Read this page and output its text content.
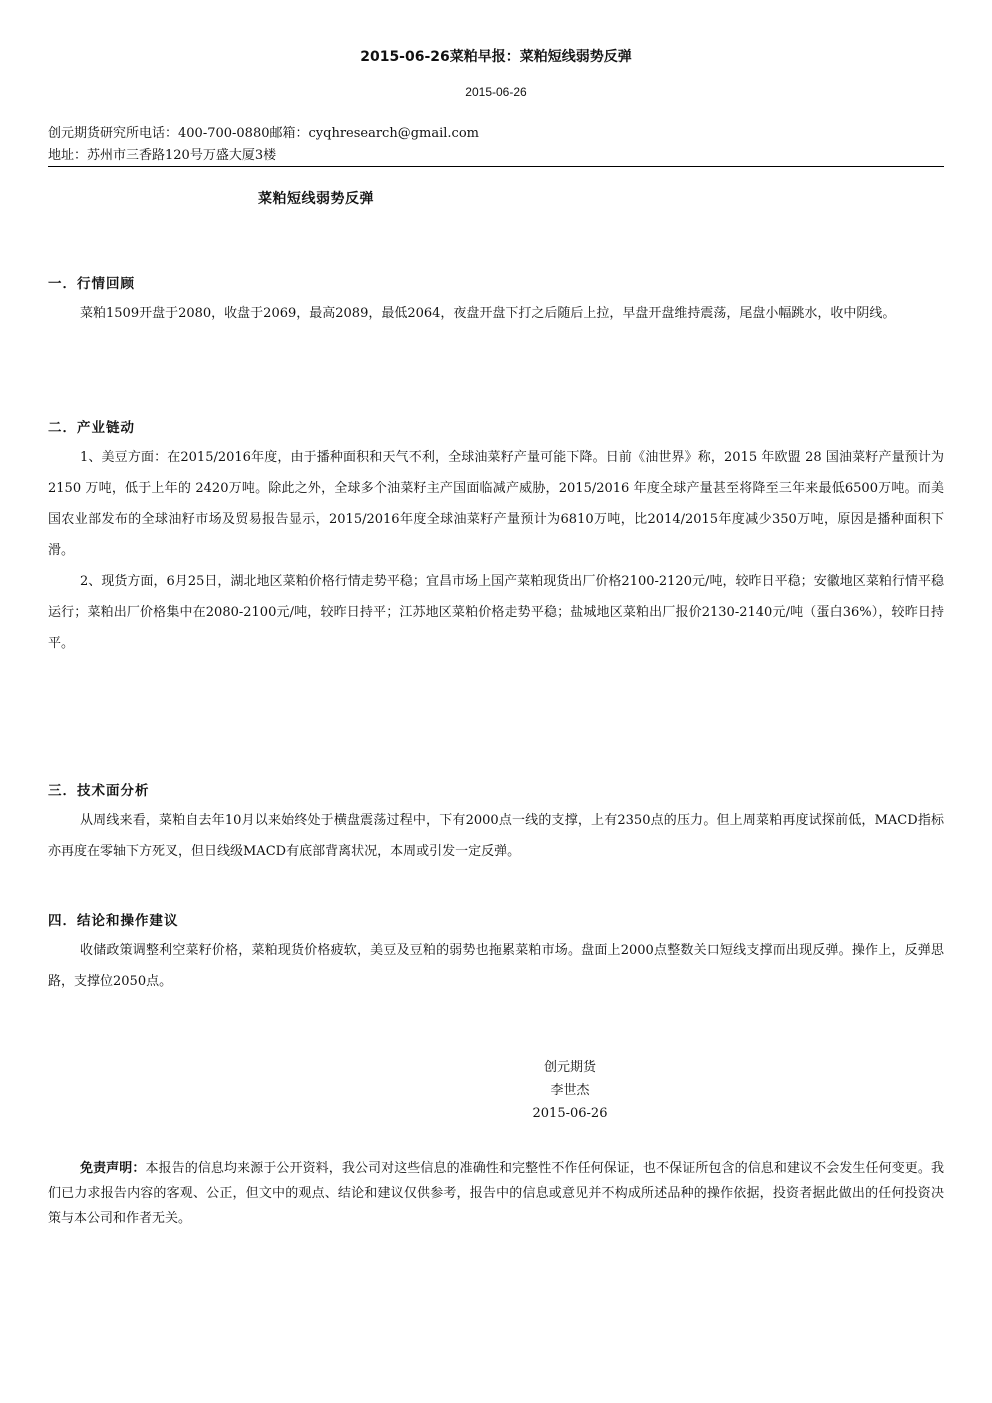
2015-06-26菜粕早报：菜粕短线弱势反弹
2015-06-26
创元期货研究所电话：400-700-0880邮箱：cyqhresearch@gmail.com
地址：苏州市三香路120号万盛大厦3楼
菜粕短线弱势反弹
一．行情回顾

菜粕1509开盘于2080，收盘于2069，最高2089，最低2064，夜盘开盘下打之后随后上拉，早盘开盘维持震荡，尾盘小幅跳水，收中阴线。

二．产业链动

1、美豆方面：在2015/2016年度，由于播种面积和天气不利，全球油菜籽产量可能下降。日前《油世界》称，2015 年欧盟 28 国油菜籽产量预计为 2150 万吨，低于上年的 2420万吨。除此之外，全球多个油菜籽主产国面临减产威胁，2015/2016 年度全球产量甚至将降至三年来最低6500万吨。而美国农业部发布的全球油籽市场及贸易报告显示，2015/2016年度全球油菜籽产量预计为6810万吨，比2014/2015年度减少350万吨，原因是播种面积下滑。

2、现货方面，6月25日，湖北地区菜粕价格行情走势平稳；宜昌市场上国产菜粕现货出厂价格2100-2120元/吨，较昨日平稳；安徽地区菜粕行情平稳运行；菜粕出厂价格集中在2080-2100元/吨，较昨日持平；江苏地区菜粕价格走势平稳；盐城地区菜粕出厂报价2130-2140元/吨（蛋白36%），较昨日持平。

三．技术面分析

从周线来看，菜粕自去年10月以来始终处于横盘震荡过程中，下有2000点一线的支撑，上有2350点的压力。但上周菜粕再度试探前低，MACD指标亦再度在零轴下方死叉，但日线级MACD有底部背离状况，本周或引发一定反弹。

四．结论和操作建议

收储政策调整利空菜籽价格，菜粕现货价格疲软，美豆及豆粕的弱势也拖累菜粕市场。盘面上2000点整数关口短线支撑而出现反弹。操作上，反弹思路，支撑位2050点。

创元期货
李世杰
2015-06-26
免责声明：本报告的信息均来源于公开资料，我公司对这些信息的准确性和完整性不作任何保证，也不保证所包含的信息和建议不会发生任何变更。我们已力求报告内容的客观、公正，但文中的观点、结论和建议仅供参考，报告中的信息或意见并不构成所述品种的操作依据，投资者据此做出的任何投资决策与本公司和作者无关。
